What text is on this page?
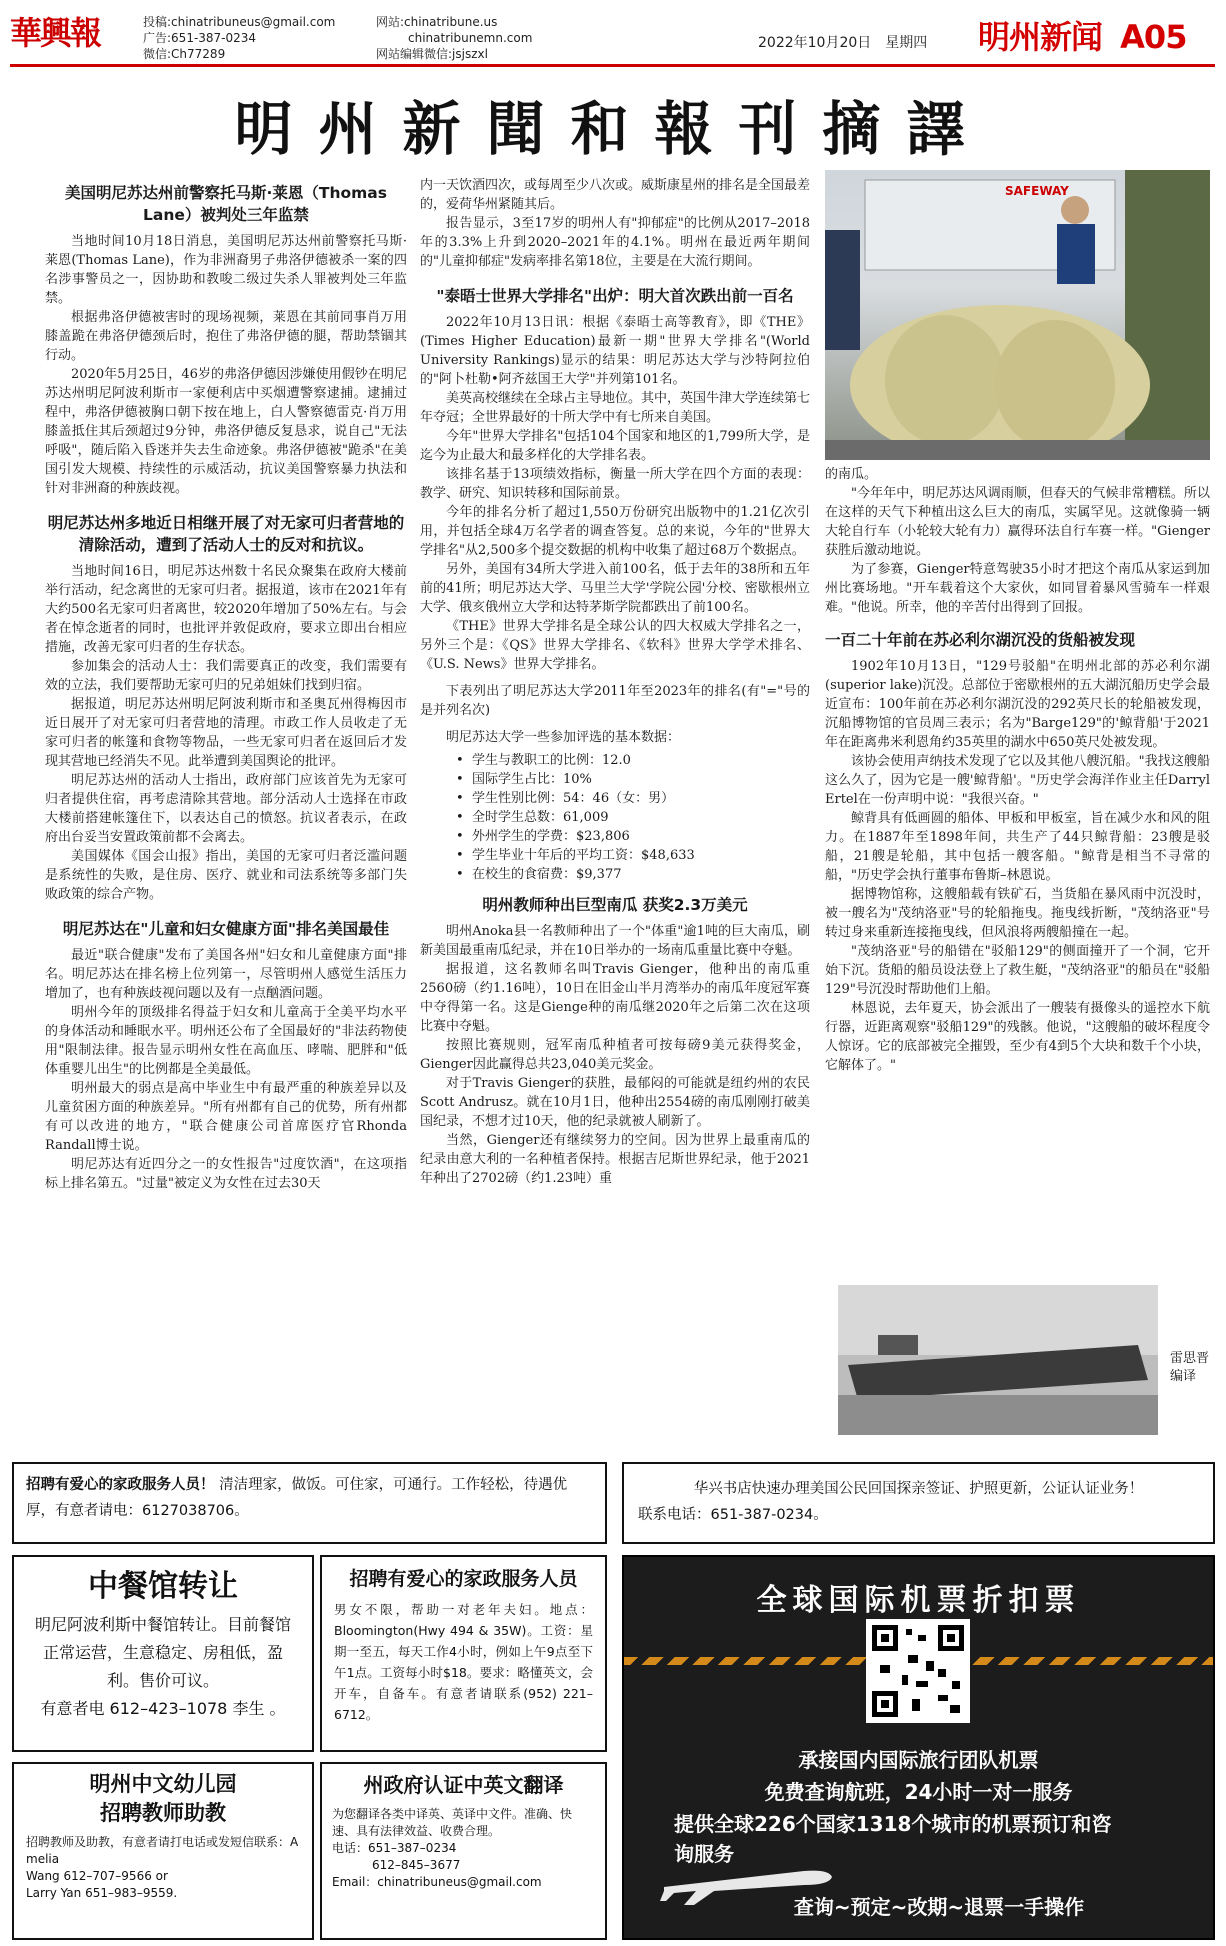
華興報	投稿:chinatribuneus@gmail.com
广告:651-387-0234
微信:Ch77289
网站:chinatribune.us
chinatribunemn.com
网站编辑微信:jsjszxl
2022年10月20日　星期四 明州新闻 A05
明州新聞和報刊摘譯
美国明尼苏达州前警察托马斯·莱恩（Thomas Lane）被判处三年监禁

当地时间10月18日消息，美国明尼苏达州前警察托马斯·莱恩(Thomas Lane)，作为非洲裔男子弗洛伊德被杀一案的四名涉事警员之一，因协助和教唆二级过失杀人罪被判处三年监禁。

根据弗洛伊德被害时的现场视频，莱恩在其前同事肖万用膝盖跪在弗洛伊德颈后时，抱住了弗洛伊德的腿，帮助禁锢其行动。

2020年5月25日，46岁的弗洛伊德因涉嫌使用假钞在明尼苏达州明尼阿波利斯市一家便利店中买烟遭警察逮捕。逮捕过程中，弗洛伊德被胸口朝下按在地上，白人警察德雷克·肖万用膝盖抵住其后颈超过9分钟，弗洛伊德反复恳求，说自己"无法呼吸"，随后陷入昏迷并失去生命迹象。弗洛伊德被"跪杀"在美国引发大规模、持续性的示威活动，抗议美国警察暴力执法和针对非洲裔的种族歧视。

明尼苏达州多地近日相继开展了对无家可归者营地的清除活动，遭到了活动人士的反对和抗议。

当地时间16日，明尼苏达州数十名民众聚集在政府大楼前举行活动，纪念离世的无家可归者。据报道，该市在2021年有大约500名无家可归者离世，较2020年增加了50%左右。与会者在悼念逝者的同时，也批评并敦促政府，要求立即出台相应措施，改善无家可归者的生存状态。

参加集会的活动人士：我们需要真正的改变，我们需要有效的立法，我们要帮助无家可归的兄弟姐妹们找到归宿。

据报道，明尼苏达州明尼阿波利斯市和圣奥瓦州得梅因市近日展开了对无家可归者营地的清理。市政工作人员收走了无家可归者的帐篷和食物等物品，一些无家可归者在返回后才发现其营地已经消失不见。此举遭到美国舆论的批评。

明尼苏达州的活动人士指出，政府部门应该首先为无家可归者提供住宿，再考虑清除其营地。部分活动人士选择在市政大楼前搭建帐篷住下，以表达自己的愤怒。抗议者表示，在政府出台妥当安置政策前都不会离去。

美国媒体《国会山报》指出，美国的无家可归者泛滥问题是系统性的失败，是住房、医疗、就业和司法系统等多部门失败政策的综合产物。

明尼苏达在"儿童和妇女健康方面"排名美国最佳

最近"联合健康"发布了美国各州"妇女和儿童健康方面"排名。明尼苏达在排名榜上位列第一，尽管明州人感觉生活压力增加了，也有种族歧视问题以及有一点酗酒问题。

明州今年的顶级排名得益于妇女和儿童高于全美平均水平的身体活动和睡眠水平。明州还公布了全国最好的"非法药物使用"限制法律。报告显示明州女性在高血压、哮喘、肥胖和"低体重婴儿出生"的比例都是全美最低。

明州最大的弱点是高中毕业生中有最严重的种族差异以及儿童贫困方面的种族差异。"所有州都有自己的优势，所有州都有可以改进的地方，"联合健康公司首席医疗官Rhonda Randall博士说。

明尼苏达有近四分之一的女性报告"过度饮酒"，在这项指标上排名第五。"过量"被定义为女性在过去30天

内一天饮酒四次，或每周至少八次或。威斯康星州的排名是全国最差的，爱荷华州紧随其后。

报告显示，3至17岁的明州人有"抑郁症"的比例从2017–2018年的3.3%上升到2020–2021年的4.1%。明州在最近两年期间的"儿童抑郁症"发病率排名第18位，主要是在大流行期间。

"泰晤士世界大学排名"出炉：明大首次跌出前一百名

2022年10月13日讯：根据《泰晤士高等教育》，即《THE》(Times Higher Education)最新一期"世界大学排名"(World University Rankings)显示的结果：明尼苏达大学与沙特阿拉伯的"阿卜杜勒•阿齐兹国王大学"并列第101名。

美英高校继续在全球占主导地位。其中，英国牛津大学连续第七年夺冠；全世界最好的十所大学中有七所来自美国。

今年"世界大学排名"包括104个国家和地区的1,799所大学，是迄今为止最大和最多样化的大学排名表。

该排名基于13项绩效指标，衡量一所大学在四个方面的表现：教学、研究、知识转移和国际前景。

今年的排名分析了超过1,550万份研究出版物中的1.21亿次引用，并包括全球4万名学者的调查答复。总的来说，今年的"世界大学排名"从2,500多个提交数据的机构中收集了超过68万个数据点。

另外，美国有34所大学进入前100名，低于去年的38所和五年前的41所；明尼苏达大学、马里兰大学'学院公园'分校、密歇根州立大学、俄亥俄州立大学和达特茅斯学院都跌出了前100名。

《THE》世界大学排名是全球公认的四大权威大学排名之一，另外三个是：《QS》世界大学排名、《软科》世界大学学术排名、《U.S. News》世界大学排名。

下表列出了明尼苏达大学2011年至2023年的排名(有"="号的是并列名次)

明尼苏达大学一些参加评选的基本数据：

• 学生与教职工的比例：12.0
• 国际学生占比：10%
• 学生性别比例：54：46（女：男）
• 全时学生总数：61,009
• 外州学生的学费：$23,806
• 学生毕业十年后的平均工资：$48,633
• 在校生的食宿费：$9,377
明州教师种出巨型南瓜 获奖2.3万美元

明州Anoka县一名教师种出了一个"体重"逾1吨的巨大南瓜，刷新美国最重南瓜纪录，并在10日举办的一场南瓜重量比赛中夺魁。

据报道，这名教师名叫Travis Gienger，他种出的南瓜重2560磅（约1.16吨），10日在旧金山半月湾举办的南瓜年度冠军赛中夺得第一名。这是Gienge种的南瓜继2020年之后第二次在这项比赛中夺魁。

按照比赛规则，冠军南瓜种植者可按每磅9美元获得奖金，Gienger因此赢得总共23,040美元奖金。

对于Travis Gienger的获胜，最郁闷的可能就是纽约州的农民Scott Andrusz。就在10月1日，他种出2554磅的南瓜刚刚打破美国纪录，不想才过10天，他的纪录就被人刷新了。

当然，Gienger还有继续努力的空间。因为世界上最重南瓜的纪录由意大利的一名种植者保持。根据吉尼斯世界纪录，他于2021年种出了2702磅（约1.23吨）重

SAFEWAY

的南瓜。

"今年年中，明尼苏达风调雨顺，但春天的气候非常糟糕。所以在这样的天气下种植出这么巨大的南瓜，实属罕见。这就像骑一辆大轮自行车（小轮较大轮有力）赢得环法自行车赛一样。"Gienger获胜后激动地说。

为了参赛，Gienger特意驾驶35小时才把这个南瓜从家运到加州比赛场地。"开车载着这个大家伙，如同冒着暴风雪骑车一样艰难。"他说。所幸，他的辛苦付出得到了回报。

一百二十年前在苏必利尔湖沉没的货船被发现

1902年10月13日，"129号驳船"在明州北部的苏必利尔湖(superior lake)沉没。总部位于密歇根州的五大湖沉船历史学会最近宣布：100年前在苏必利尔湖沉没的292英尺长的轮船被发现，沉船博物馆的官员周三表示；名为"Barge129"的'鲸背船'于2021年在距离弗米利恩角约35英里的湖水中650英尺处被发现。

该协会使用声纳技术发现了它以及其他八艘沉船。"我找这艘船这么久了，因为它是一艘'鲸背船'。"历史学会海洋作业主任Darryl Ertel在一份声明中说："我很兴奋。"

鲸背具有低画圆的船体、甲板和甲板室，旨在减少水和风的阻力。在1887年至1898年间，共生产了44只鲸背船：23艘是驳船，21艘是轮船，其中包括一艘客船。"鲸背是相当不寻常的船，"历史学会执行董事布鲁斯–林恩说。

据博物馆称，这艘船载有铁矿石，当货船在暴风雨中沉没时，被一艘名为"茂纳洛亚"号的轮船拖曳。拖曳线折断，"茂纳洛亚"号转过身来重新连接拖曳线，但风浪将两艘船撞在一起。

"茂纳洛亚"号的船错在"驳船129"的侧面撞开了一个洞，它开始下沉。货船的船员设法登上了救生艇，"茂纳洛亚"的船员在"驳船129"号沉没时帮助他们上船。

林恩说，去年夏天，协会派出了一艘装有摄像头的遥控水下航行器，近距离观察"驳船129"的残骸。他说，"这艘船的破坏程度令人惊讶。它的底部被完全摧毁，至少有4到5个大块和数千个小块，它解体了。"

雷思晋编译
招聘有爱心的家政服务人员！ 清洁理家，做饭。可住家，可通行。工作轻松，待遇优厚，有意者请电：6127038706。
华兴书店快速办理美国公民回国探亲签证、护照更新，公证认证业务！
联系电话：651-387-0234。
中餐馆转让
明尼阿波利斯中餐馆转让。目前餐馆正常运营，生意稳定、房租低，盈利。售价可议。
有意者电 612–423–1078 李生 。
招聘有爱心的家政服务人员
男女不限，帮助一对老年夫妇。地点：Bloomington(Hwy 494 & 35W)。工资：星期一至五，每天工作4小时，例如上午9点至下午1点。工资每小时$18。要求：略懂英文，会开车，自备车。有意者请联系(952) 221–6712。
明州中文幼儿园
招聘教师助教
招聘教师及助教，有意者请打电话或发短信联系：A melia
Wang 612–707–9566 or
Larry Yan 651–983–9559.
州政府认证中英文翻译
为您翻译各类中译英、英译中文件。准确、快速、具有法律效益、收费合理。
电话：651–387–0234
612–845–3677
Email：chinatribuneus@gmail.com
全球国际机票折扣票
承接国内国际旅行团队机票
免费查询航班，24小时一对一服务
提供全球226个国家1318个城市的机票预订和咨询服务
查询~预定~改期~退票一手操作
